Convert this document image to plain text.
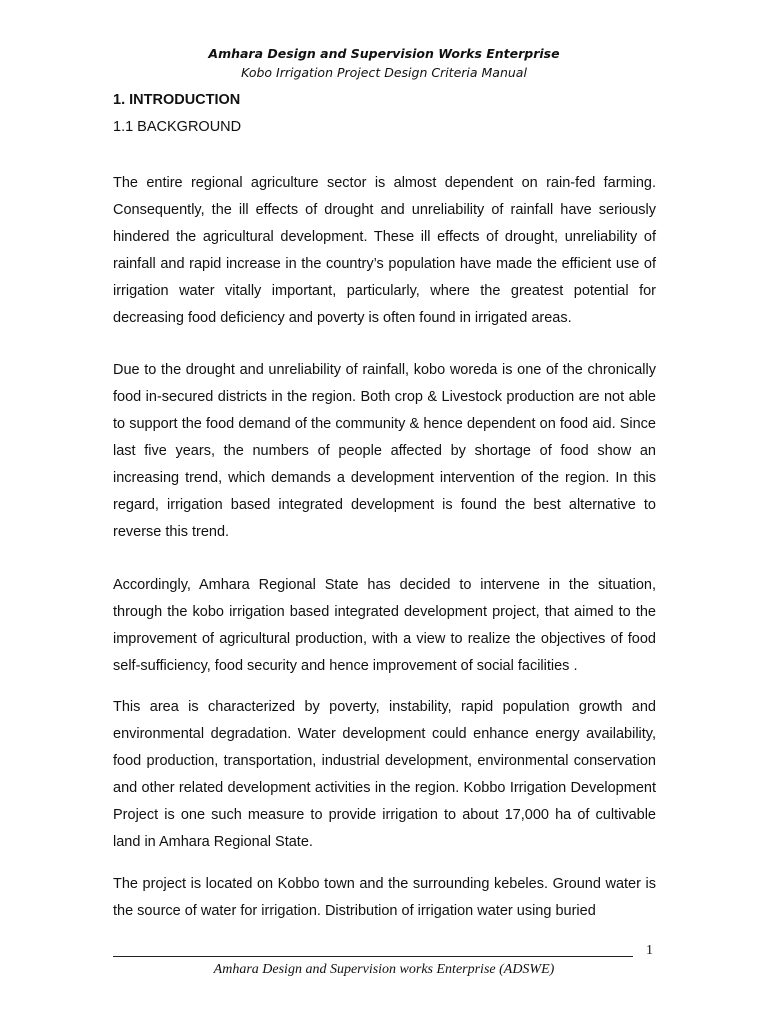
Amhara Design and Supervision Works Enterprise
Kobo Irrigation Project Design Criteria Manual
1. INTRODUCTION
1.1 BACKGROUND

The entire regional agriculture sector is almost dependent on rain-fed farming. Consequently, the ill effects of drought and unreliability of rainfall have seriously hindered the agricultural development. These ill effects of drought, unreliability of rainfall and rapid increase in the country’s population have made the efficient use of irrigation water vitally important, particularly, where the greatest potential for decreasing food deficiency and poverty is often found in irrigated areas.

Due to the drought and unreliability of rainfall, kobo woreda is one of the chronically food in-secured districts in the region. Both crop & Livestock production are not able to support the food demand of the community & hence dependent on food aid. Since last five years, the numbers of people affected by shortage of food show an increasing trend, which demands a development intervention of the region. In this regard, irrigation based integrated development is found the best alternative to reverse this trend.

Accordingly, Amhara Regional State has decided to intervene in the situation, through the kobo irrigation based integrated development project, that aimed to the improvement of agricultural production, with a view to realize the objectives of food self-sufficiency, food security and hence improvement of social facilities .

This area is characterized by poverty, instability, rapid population growth and environmental degradation. Water development could enhance energy availability, food production, transportation, industrial development, environmental conservation and other related development activities in the region. Kobbo Irrigation Development Project is one such measure to provide irrigation to about 17,000 ha of cultivable land in Amhara Regional State.

The project is located on Kobbo town and the surrounding kebeles. Ground water is the source of water for irrigation. Distribution of irrigation water using buried

1
Amhara Design and Supervision works Enterprise (ADSWE)
